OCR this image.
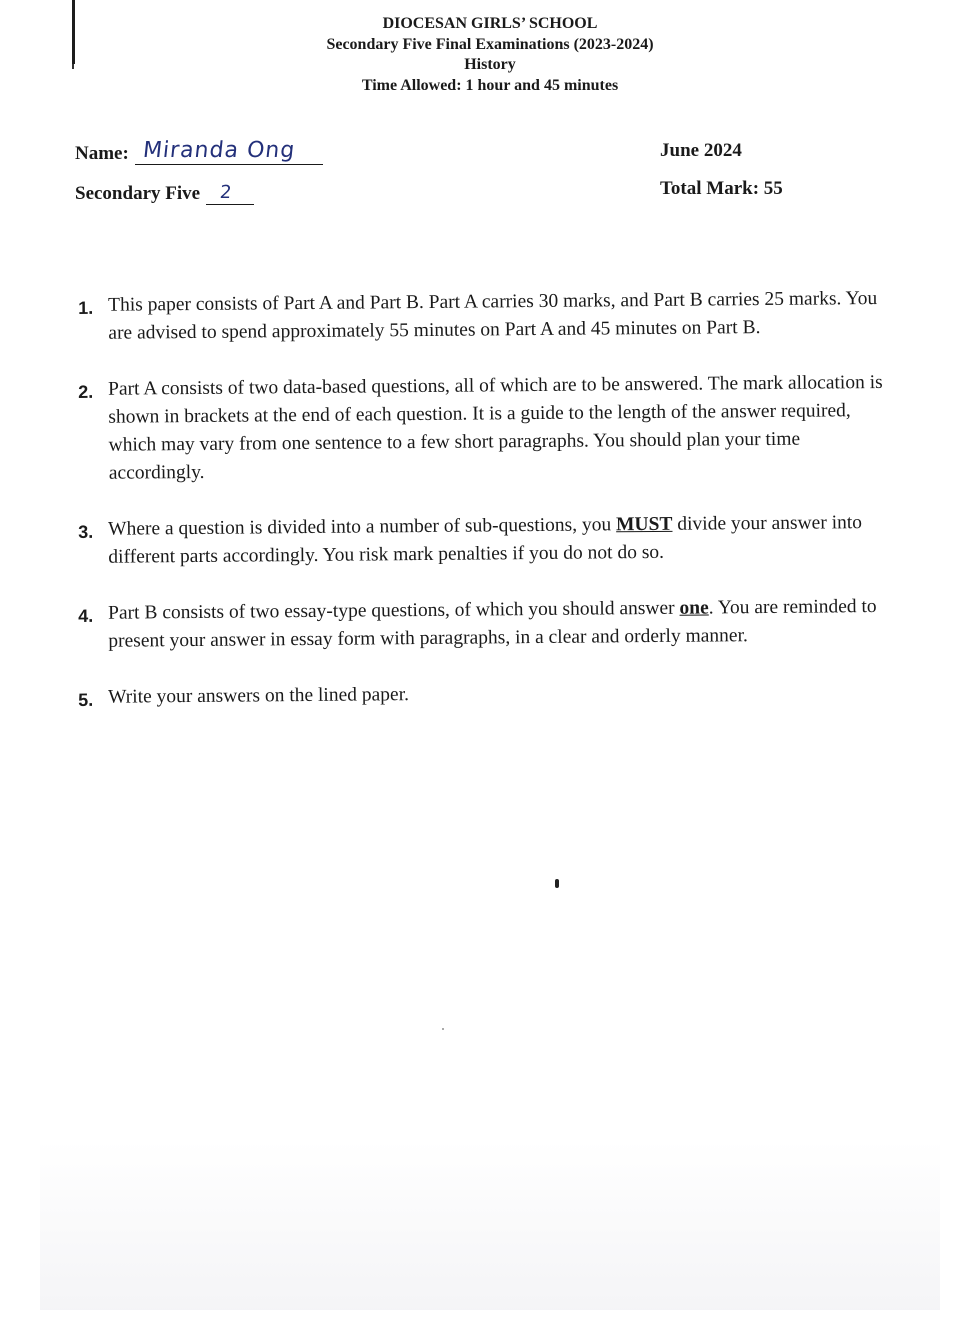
DIOCESAN GIRLS’ SCHOOL
Secondary Five Final Examinations (2023-2024)
History
Time Allowed: 1 hour and 45 minutes
Name: Miranda Ong
Secondary Five 2
June 2024
Total Mark: 55
1. This paper consists of Part A and Part B. Part A carries 30 marks, and Part B carries 25 marks. You are advised to spend approximately 55 minutes on Part A and 45 minutes on Part B.
2. Part A consists of two data-based questions, all of which are to be answered. The mark allocation is shown in brackets at the end of each question. It is a guide to the length of the answer required, which may vary from one sentence to a few short paragraphs. You should plan your time accordingly.
3. Where a question is divided into a number of sub-questions, you MUST divide your answer into different parts accordingly. You risk mark penalties if you do not do so.
4. Part B consists of two essay-type questions, of which you should answer one. You are reminded to present your answer in essay form with paragraphs, in a clear and orderly manner.
5. Write your answers on the lined paper.
